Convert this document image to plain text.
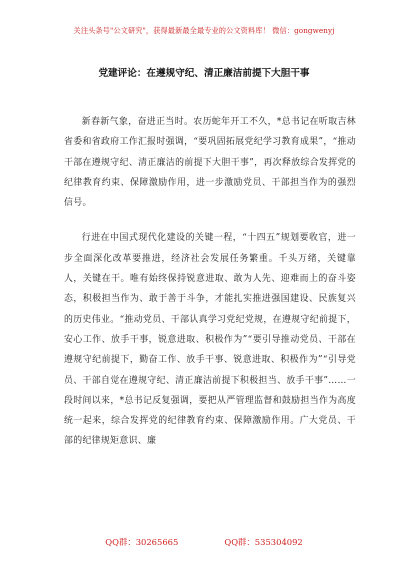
关注头条号"公文研究"，获得最新最全最专业的公文资料库！ 微信：gongwenyj
党建评论：在遵规守纪、清正廉洁前提下大胆干事

新春新气象，奋进正当时。农历蛇年开工不久，*总书记在听取吉林省委和省政府工作汇报时强调，“要巩固拓展党纪学习教育成果”，“推动干部在遵规守纪、清正廉洁的前提下大胆干事”，再次释放综合发挥党的纪律教育约束、保障激励作用，进一步激励党员、干部担当作为的强烈信号。

行进在中国式现代化建设的关键一程，“十四五”规划要收官，进一步全面深化改革要推进，经济社会发展任务繁重。千头万绪，关键靠人，关键在干。唯有始终保持锐意进取、敢为人先、迎难而上的奋斗姿态，积极担当作为、敢于善于斗争，才能扎实推进强国建设、民族复兴的历史伟业。“推动党员、干部认真学习党纪党规，在遵规守纪前提下，安心工作、放手干事，锐意进取、积极作为”“要引导推动党员、干部在遵规守纪前提下，勤奋工作、放手干事、锐意进取、积极作为”“引导党员、干部自觉在遵规守纪、清正廉洁前提下积极担当、放手干事”……一段时间以来，*总书记反复强调，要把从严管理监督和鼓励担当作为高度统一起来，综合发挥党的纪律教育约束、保障激励作用。广大党员、干部的纪律规矩意识、廉

QQ群：30265665	QQ群：535304092
